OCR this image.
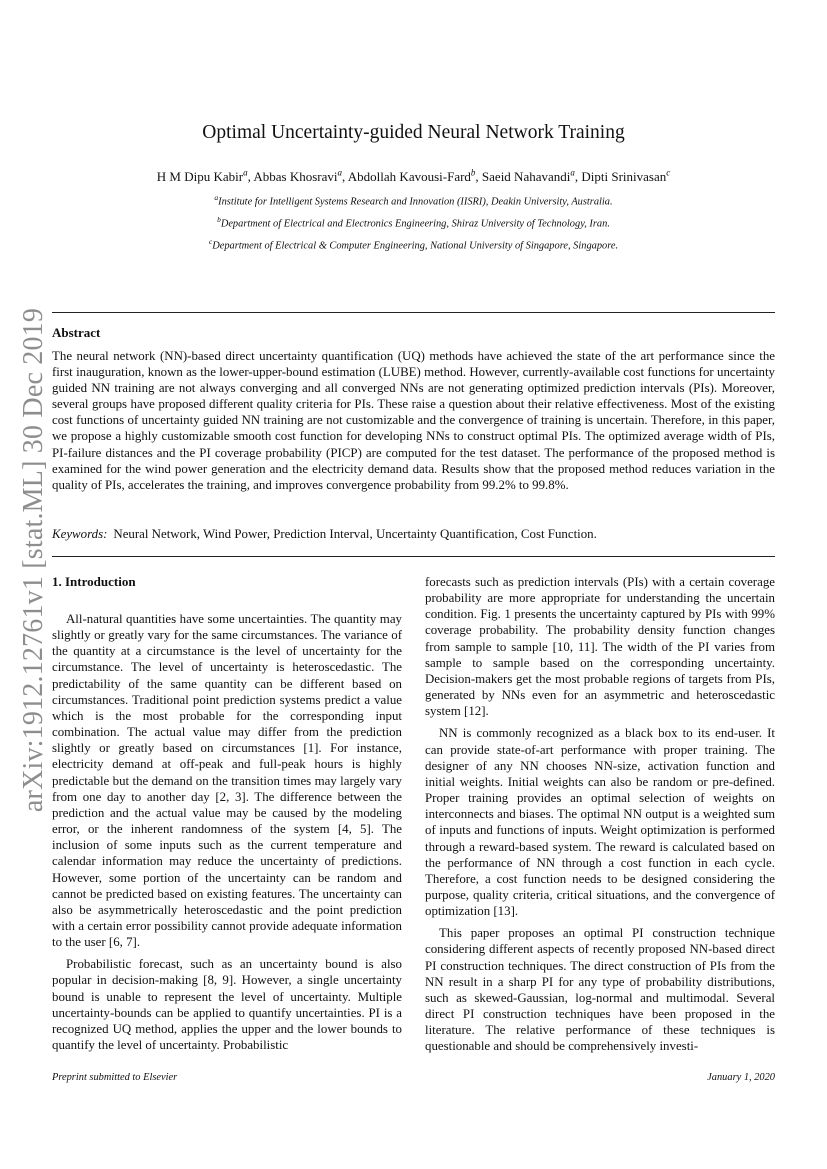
arXiv:1912.12761v1 [stat.ML] 30 Dec 2019
Optimal Uncertainty-guided Neural Network Training
H M Dipu Kabir$^a$, Abbas Khosravi$^a$, Abdollah Kavousi-Fard$^b$, Saeid Nahavandi$^a$, Dipti Srinivasan$^c$
$^a$Institute for Intelligent Systems Research and Innovation (IISRI), Deakin University, Australia.
$^b$Department of Electrical and Electronics Engineering, Shiraz University of Technology, Iran.
$^c$Department of Electrical & Computer Engineering, National University of Singapore, Singapore.
Abstract
The neural network (NN)-based direct uncertainty quantification (UQ) methods have achieved the state of the art performance since the first inauguration, known as the lower-upper-bound estimation (LUBE) method. However, currently-available cost functions for uncertainty guided NN training are not always converging and all converged NNs are not generating optimized prediction intervals (PIs). Moreover, several groups have proposed different quality criteria for PIs. These raise a question about their relative effectiveness. Most of the existing cost functions of uncertainty guided NN training are not customizable and the convergence of training is uncertain. Therefore, in this paper, we propose a highly customizable smooth cost function for developing NNs to construct optimal PIs. The optimized average width of PIs, PI-failure distances and the PI coverage probability (PICP) are computed for the test dataset. The performance of the proposed method is examined for the wind power generation and the electricity demand data. Results show that the proposed method reduces variation in the quality of PIs, accelerates the training, and improves convergence probability from 99.2% to 99.8%.
Keywords: Neural Network, Wind Power, Prediction Interval, Uncertainty Quantification, Cost Function.
1. Introduction

All-natural quantities have some uncertainties. The quantity may slightly or greatly vary for the same circumstances. The variance of the quantity at a circumstance is the level of uncertainty for the circumstance. The level of uncertainty is heteroscedastic. The predictability of the same quantity can be different based on circumstances. Traditional point prediction systems predict a value which is the most probable for the corresponding input combination. The actual value may differ from the prediction slightly or greatly based on circumstances [1]. For instance, electricity demand at off-peak and full-peak hours is highly predictable but the demand on the transition times may largely vary from one day to another day [2, 3]. The difference between the prediction and the actual value may be caused by the modeling error, or the inherent randomness of the system [4, 5]. The inclusion of some inputs such as the current temperature and calendar information may reduce the uncertainty of predictions. However, some portion of the uncertainty can be random and cannot be predicted based on existing features. The uncertainty can also be asymmetrically heteroscedastic and the point prediction with a certain error possibility cannot provide adequate information to the user [6, 7].

Probabilistic forecast, such as an uncertainty bound is also popular in decision-making [8, 9]. However, a single uncertainty bound is unable to represent the level of uncertainty. Multiple uncertainty-bounds can be applied to quantify uncertainties. PI is a recognized UQ method, applies the upper and the lower bounds to quantify the level of uncertainty. Probabilistic

forecasts such as prediction intervals (PIs) with a certain coverage probability are more appropriate for understanding the uncertain condition. Fig. 1 presents the uncertainty captured by PIs with 99% coverage probability. The probability density function changes from sample to sample [10, 11]. The width of the PI varies from sample to sample based on the corresponding uncertainty. Decision-makers get the most probable regions of targets from PIs, generated by NNs even for an asymmetric and heteroscedastic system [12].

NN is commonly recognized as a black box to its end-user. It can provide state-of-art performance with proper training. The designer of any NN chooses NN-size, activation function and initial weights. Initial weights can also be random or pre-defined. Proper training provides an optimal selection of weights on interconnects and biases. The optimal NN output is a weighted sum of inputs and functions of inputs. Weight optimization is performed through a reward-based system. The reward is calculated based on the performance of NN through a cost function in each cycle. Therefore, a cost function needs to be designed considering the purpose, quality criteria, critical situations, and the convergence of optimization [13].

This paper proposes an optimal PI construction technique considering different aspects of recently proposed NN-based direct PI construction techniques. The direct construction of PIs from the NN result in a sharp PI for any type of probability distributions, such as skewed-Gaussian, log-normal and multimodal. Several direct PI construction techniques have been proposed in the literature. The relative performance of these techniques is questionable and should be comprehensively investi-

Preprint submitted to Elsevier	January 1, 2020
